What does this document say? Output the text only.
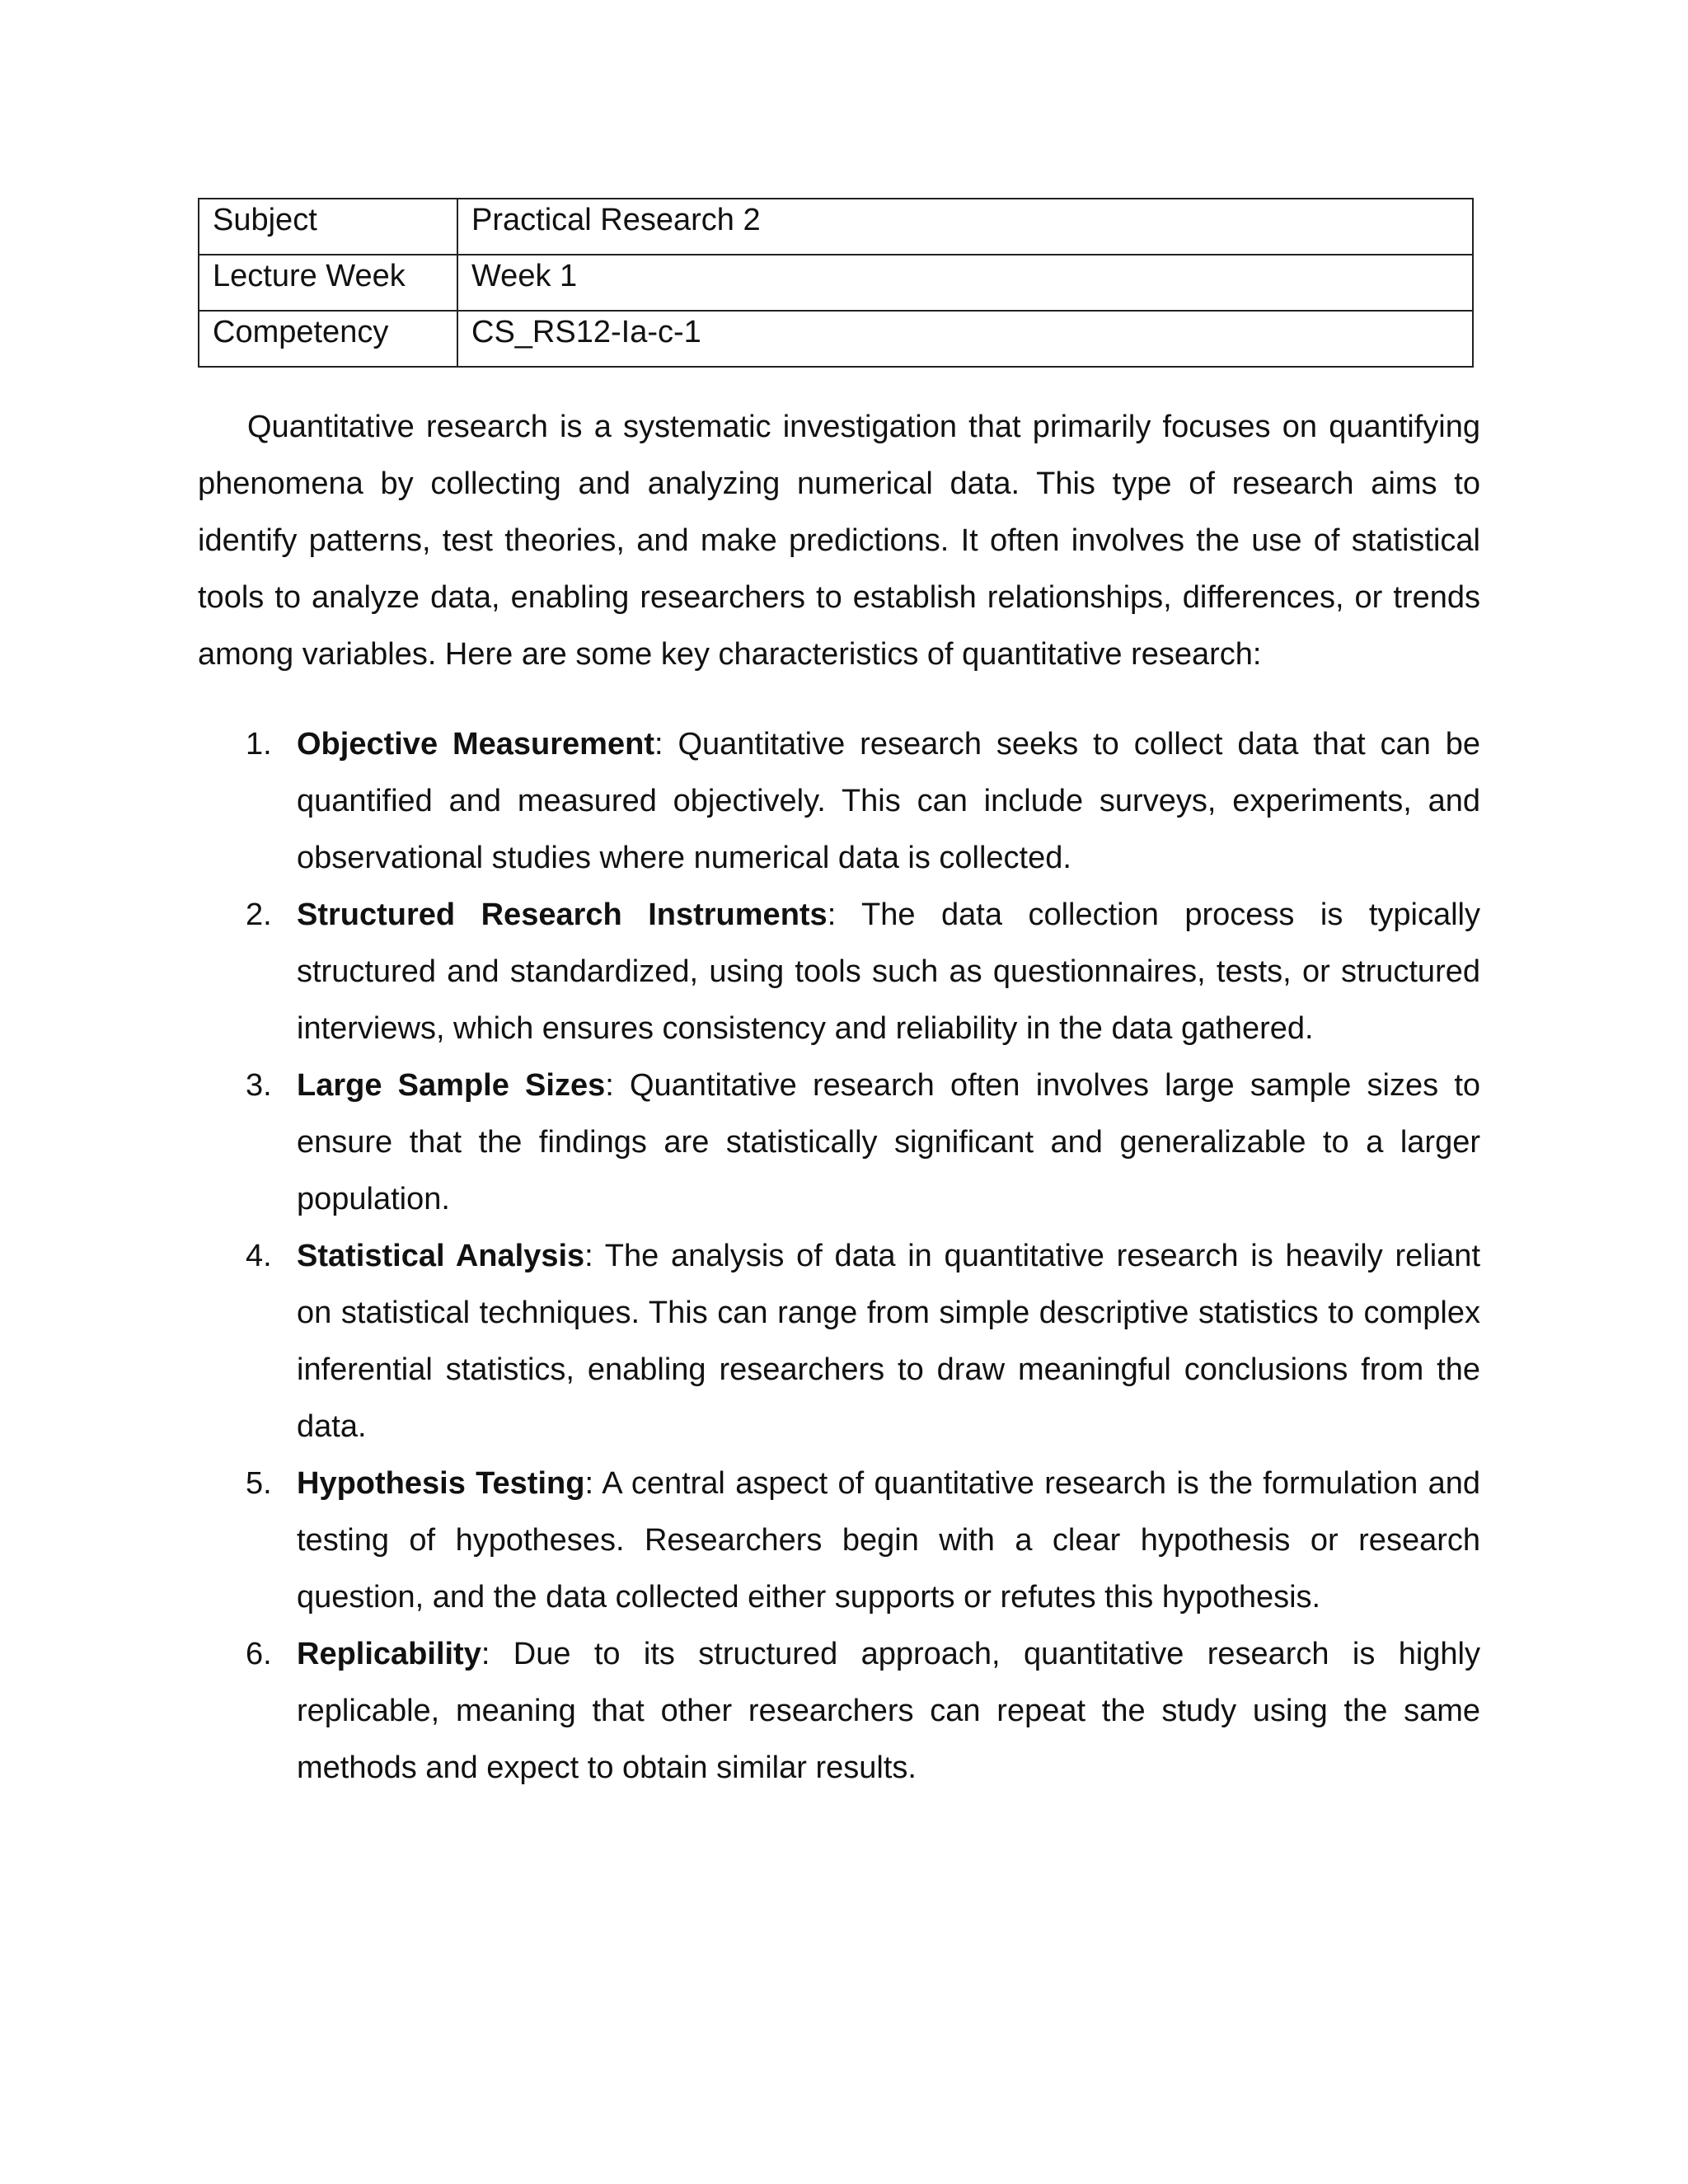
Subject	Practical Research 2
Lecture Week	Week 1
Competency	CS_RS12-Ia-c-1

Quantitative research is a systematic investigation that primarily focuses on quantifying phenomena by collecting and analyzing numerical data. This type of research aims to identify patterns, test theories, and make predictions. It often involves the use of statistical tools to analyze data, enabling researchers to establish relationships, differences, or trends among variables. Here are some key characteristics of quantitative research:

1. Objective Measurement: Quantitative research seeks to collect data that can be quantified and measured objectively. This can include surveys, experiments, and observational studies where numerical data is collected.
2. Structured Research Instruments: The data collection process is typically structured and standardized, using tools such as questionnaires, tests, or structured interviews, which ensures consistency and reliability in the data gathered.
3. Large Sample Sizes: Quantitative research often involves large sample sizes to ensure that the findings are statistically significant and generalizable to a larger population.
4. Statistical Analysis: The analysis of data in quantitative research is heavily reliant on statistical techniques. This can range from simple descriptive statistics to complex inferential statistics, enabling researchers to draw meaningful conclusions from the data.
5. Hypothesis Testing: A central aspect of quantitative research is the formulation and testing of hypotheses. Researchers begin with a clear hypothesis or research question, and the data collected either supports or refutes this hypothesis.
6. Replicability: Due to its structured approach, quantitative research is highly replicable, meaning that other researchers can repeat the study using the same methods and expect to obtain similar results.
